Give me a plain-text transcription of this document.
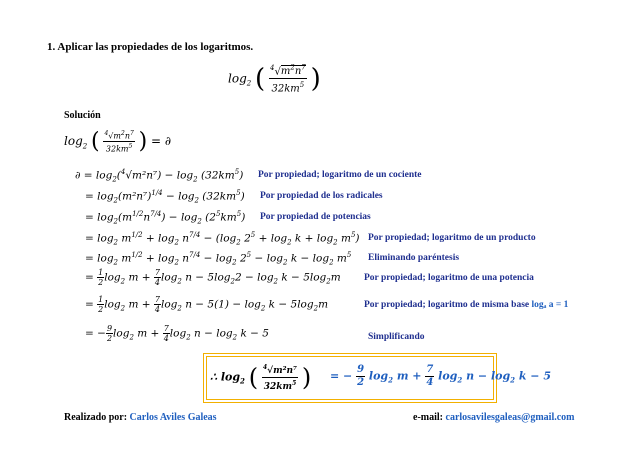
1. Aplicar las propiedades de los logaritmos.
$\log_2$ ( $\frac{^4√m^2n^7}{32km^5}$ )
Solución
$\log_2$ ( $\frac{^4√m^2n^7}{32km^5}$ ) = ∂
∂ = $\log_2(^4√m^2n^7) - \log_2 (32km^5)$ Por propiedad; logaritmo de un cociente
= $\log_2(m^2n^7)^{1/4} - \log_2 (32km^5)$ Por propiedad de los radicales
= $\log_2(m^{1/2}n^{7/4}) - \log_2 (2^5km^5)$ Por propiedad de potencias
= $\log_2 m^{1/2} + \log_2 n^{7/4} - (\log_2$ $2^5 + \log_2 k + \log_2 m^5$) Por propiedad; logaritmo de un producto
= $\log_2 m^{1/2} + \log_2 n^{7/4} - \log_2 2^5 - \log_2 k - \log_2 m^5$ Eliminando paréntesis
= $\frac{1}{2} \log_2 m + \frac{7}{4} \log_2 n - 5\log_22 - \log_2 k - 5\log_2m$ Por propiedad; logaritmo de una potencia
= $\frac{1}{2} \log_2 m + \frac{7}{4} \log_2 n - 5(1) - \log_2 k - 5\log_2m$	Por propiedad; logaritmo de misma base logₐ a = 1
= − $\frac{9}{2} \log_2 m + \frac{7}{4} \log_2 n - \log_2 k - 5$	Simplificando
∴ $\log_2$ ( $\frac{^4√m^2n^7}{32km^5}$ ) = − $\frac{9}{2} \log_2 m + \frac{7}{4} \log_2 n - \log_2 k - 5$
Realizado por: Carlos Aviles Galeas	e-mail: carlosavilesgaleas@gmail.com
